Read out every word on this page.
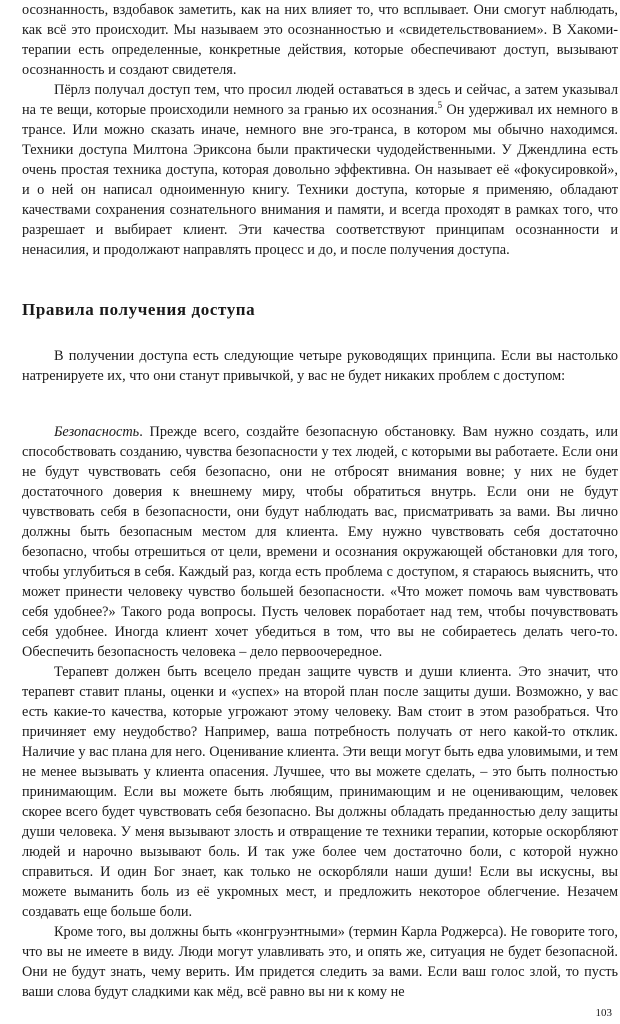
осознанность, вздобавок заметить, как на них влияет то, что всплывает. Они смогут наблюдать, как всё это происходит. Мы называем это осознанностью и «свидетельствованием». В Хакоми-терапии есть определенные, конкретные действия, которые обеспечивают доступ, вызывают осознанность и создают свидетеля.

Пёрлз получал доступ тем, что просил людей оставаться в здесь и сейчас, а затем указывал на те вещи, которые происходили немного за гранью их осознания.$^5$ Он удерживал их немного в трансе. Или можно сказать иначе, немного вне эго-транса, в котором мы обычно находимся. Техники доступа Милтона Эриксона были практически чудодейственными. У Джендлина есть очень простая техника доступа, которая довольно эффективна. Он называет её «фокусировкой», и о ней он написал одноименную книгу. Техники доступа, которые я применяю, обладают качествами сохранения сознательного внимания и памяти, и всегда проходят в рамках того, что разрешает и выбирает клиент. Эти качества соответствуют принципам осознанности и ненасилия, и продолжают направлять процесс и до, и после получения доступа.

Правила получения доступа

В получении доступа есть следующие четыре руководящих принципа. Если вы настолько натренируете их, что они станут привычкой, у вас не будет никаких проблем с доступом:

Безопасность. Прежде всего, создайте безопасную обстановку. Вам нужно создать, или способствовать созданию, чувства безопасности у тех людей, с которыми вы работаете. Если они не будут чувствовать себя безопасно, они не отбросят внимания вовне; у них не будет достаточного доверия к внешнему миру, чтобы обратиться внутрь. Если они не будут чувствовать себя в безопасности, они будут наблюдать вас, присматривать за вами. Вы лично должны быть безопасным местом для клиента. Ему нужно чувствовать себя достаточно безопасно, чтобы отрешиться от цели, времени и осознания окружающей обстановки для того, чтобы углубиться в себя. Каждый раз, когда есть проблема с доступом, я стараюсь выяснить, что может принести человеку чувство большей безопасности. «Что может помочь вам чувствовать себя удобнее?» Такого рода вопросы. Пусть человек поработает над тем, чтобы почувствовать себя удобнее. Иногда клиент хочет убедиться в том, что вы не собираетесь делать чего-то. Обеспечить безопасность человека – дело первоочередное.

Терапевт должен быть всецело предан защите чувств и души клиента. Это значит, что терапевт ставит планы, оценки и «успех» на второй план после защиты души. Возможно, у вас есть какие-то качества, которые угрожают этому человеку. Вам стоит в этом разобраться. Что причиняет ему неудобство? Например, ваша потребность получать от него какой-то отклик. Наличие у вас плана для него. Оценивание клиента. Эти вещи могут быть едва уловимыми, и тем не менее вызывать у клиента опасения. Лучшее, что вы можете сделать, – это быть полностью принимающим. Если вы можете быть любящим, принимающим и не оценивающим, человек скорее всего будет чувствовать себя безопасно. Вы должны обладать преданностью делу защиты души человека. У меня вызывают злость и отвращение те техники терапии, которые оскорбляют людей и нарочно вызывают боль. И так уже более чем достаточно боли, с которой нужно справиться. И один Бог знает, как только не оскорбляли наши души! Если вы искусны, вы можете выманить боль из её укромных мест, и предложить некоторое облегчение. Незачем создавать еще больше боли.

Кроме того, вы должны быть «конгруэнтными» (термин Карла Роджерса). Не говорите того, что вы не имеете в виду. Люди могут улавливать это, и опять же, ситуация не будет безопасной. Они не будут знать, чему верить. Им придется следить за вами. Если ваш голос злой, то пусть ваши слова будут сладкими как мёд, всё равно вы ни к кому не

103
